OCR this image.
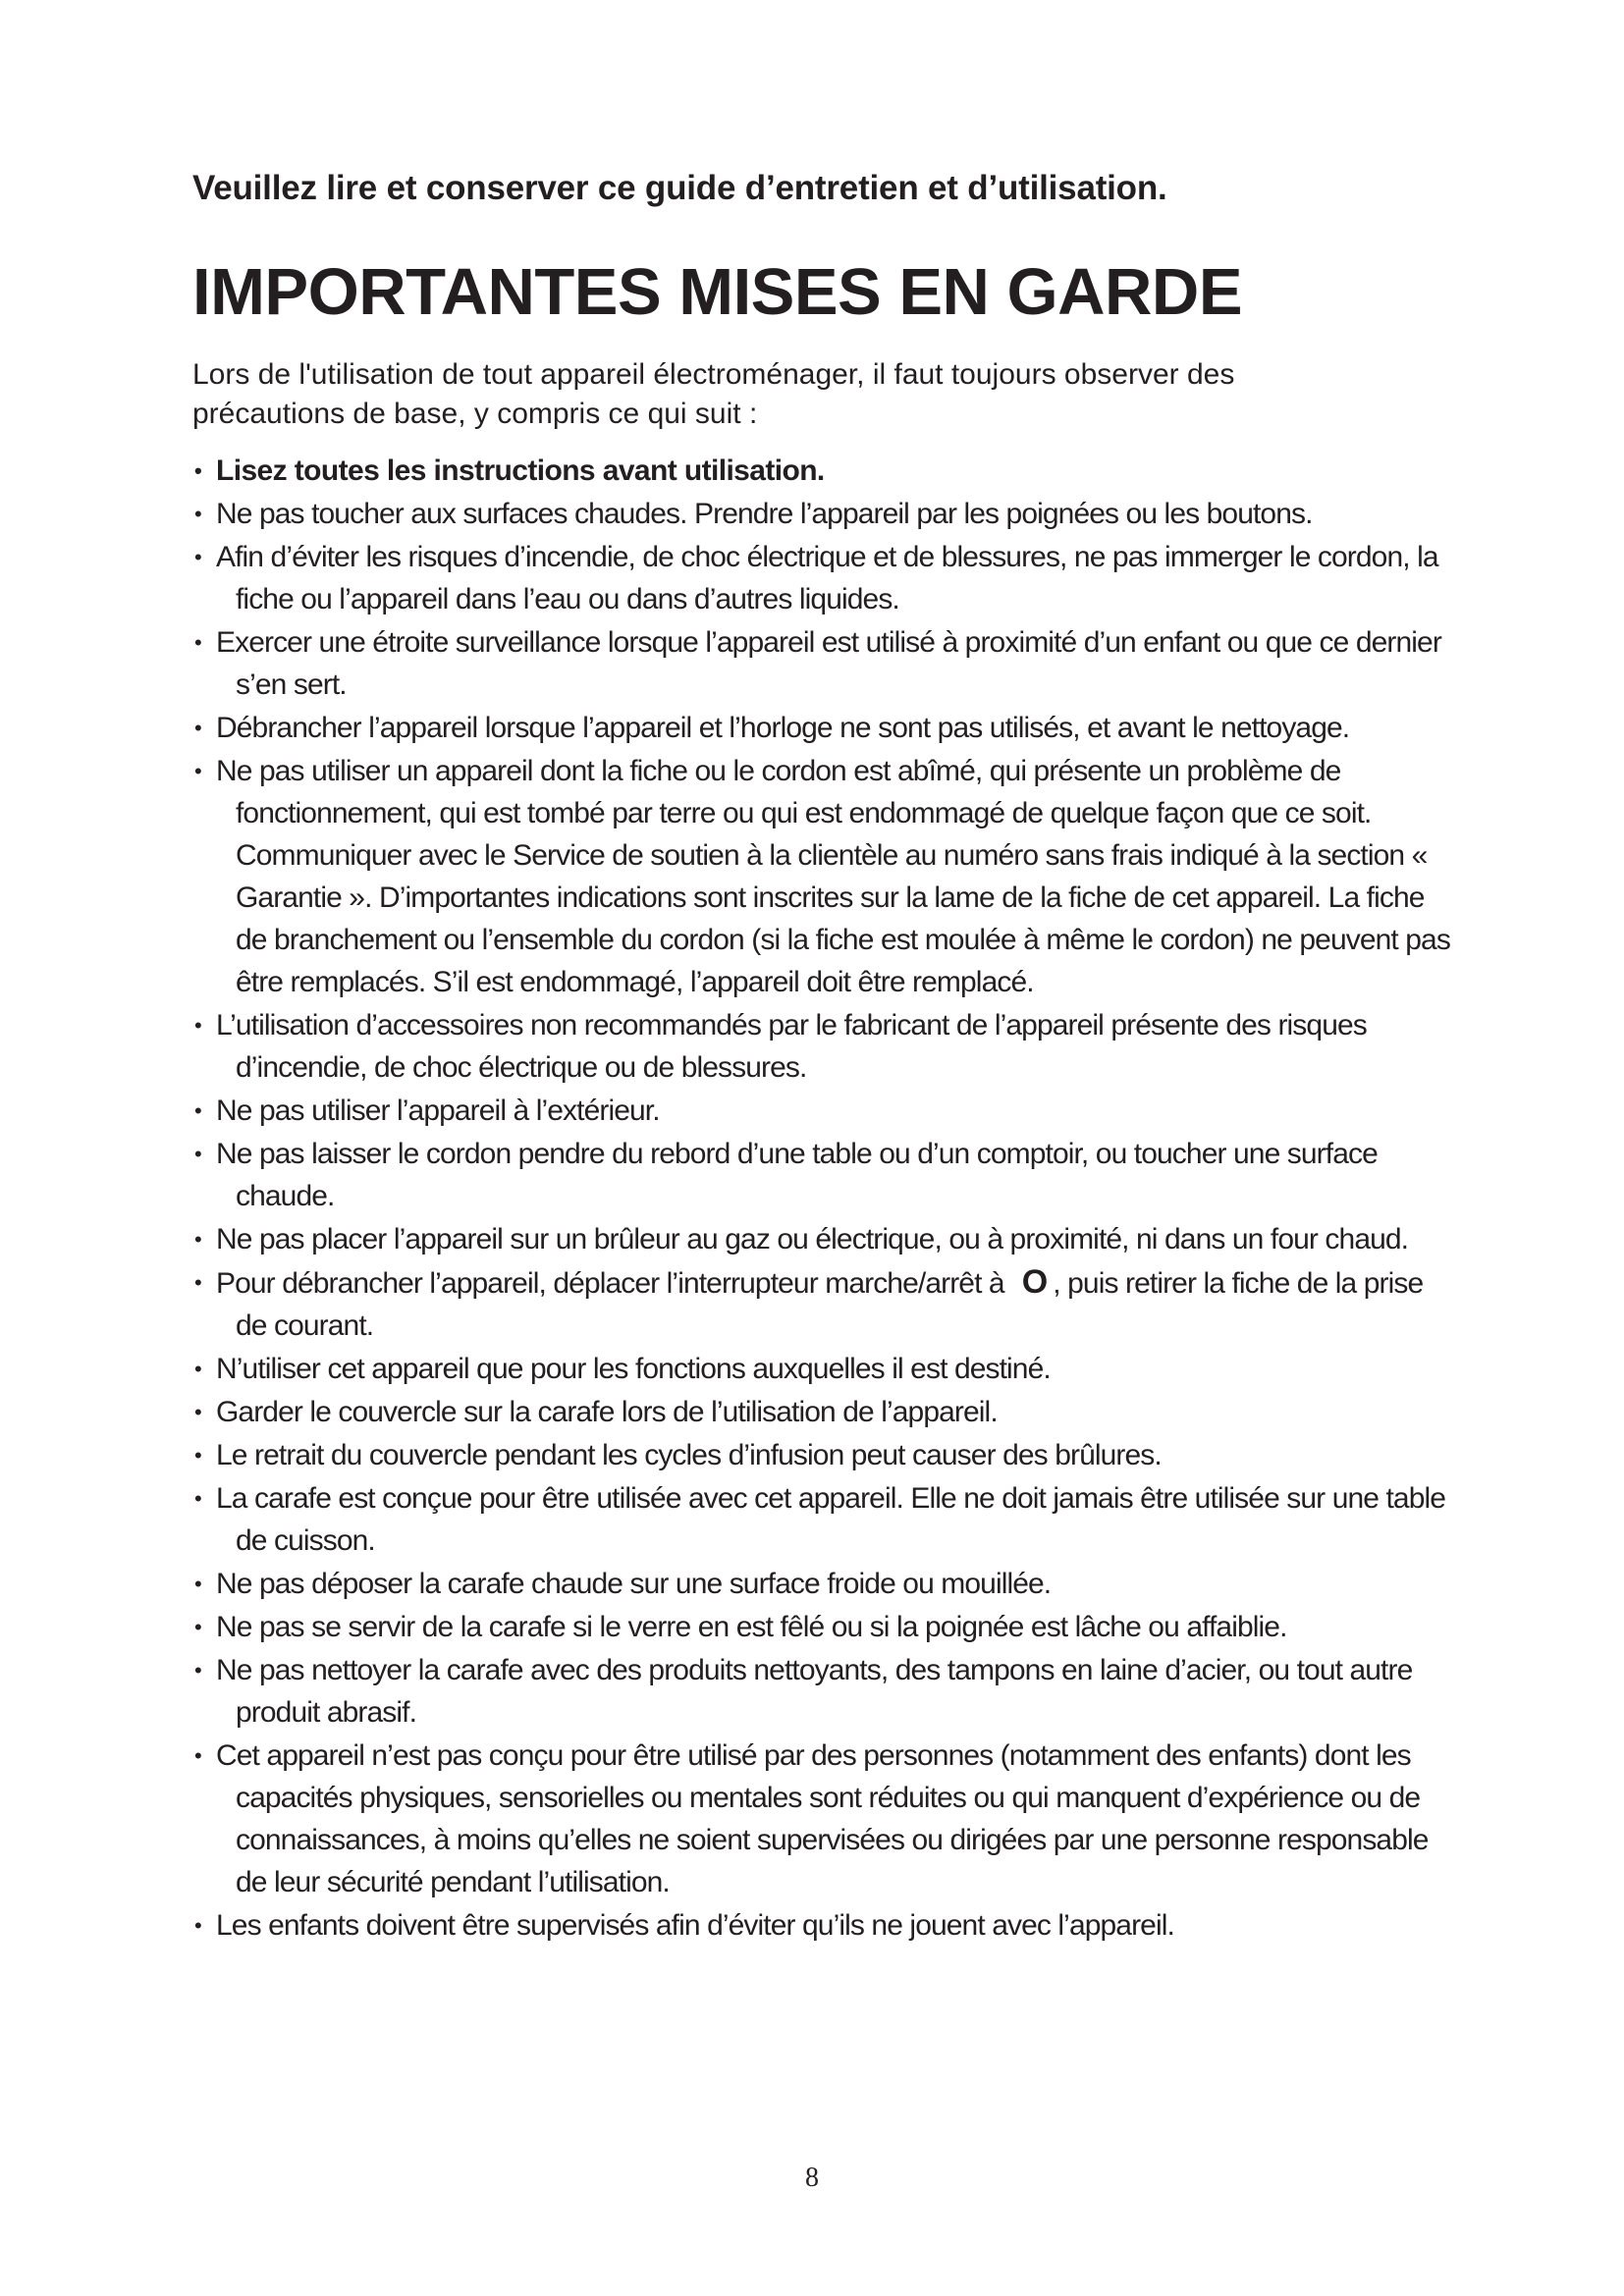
Veuillez lire et conserver ce guide d’entretien et d’utilisation.

IMPORTANTES MISES EN GARDE

Lors de l'utilisation de tout appareil électroménager, il faut toujours observer des précautions de base, y compris ce qui suit :

• Lisez toutes les instructions avant utilisation.
• Ne pas toucher aux surfaces chaudes. Prendre l’appareil par les poignées ou les boutons.
• Afin d’éviter les risques d’incendie, de choc électrique et de blessures, ne pas immerger le cordon, la fiche ou l’appareil dans l’eau ou dans d’autres liquides.
• Exercer une étroite surveillance lorsque l’appareil est utilisé à proximité d’un enfant ou que ce dernier s’en sert.
• Débrancher l’appareil lorsque l’appareil et l’horloge ne sont pas utilisés, et avant le nettoyage.
• Ne pas utiliser un appareil dont la fiche ou le cordon est abîmé, qui présente un problème de fonctionnement, qui est tombé par terre ou qui est endommagé de quelque façon que ce soit. Communiquer avec le Service de soutien à la clientèle au numéro sans frais indiqué à la section « Garantie ». D’importantes indications sont inscrites sur la lame de la fiche de cet appareil. La fiche de branchement ou l’ensemble du cordon (si la fiche est moulée à même le cordon) ne peuvent pas être remplacés. S’il est endommagé, l’appareil doit être remplacé.
• L’utilisation d’accessoires non recommandés par le fabricant de l’appareil présente des risques d’incendie, de choc électrique ou de blessures.
• Ne pas utiliser l’appareil à l’extérieur.
• Ne pas laisser le cordon pendre du rebord d’une table ou d’un comptoir, ou toucher une surface chaude.
• Ne pas placer l’appareil sur un brûleur au gaz ou électrique, ou à proximité, ni dans un four chaud.
• Pour débrancher l’appareil, déplacer l’interrupteur marche/arrêt à O , puis retirer la fiche de la prise de courant.
• N’utiliser cet appareil que pour les fonctions auxquelles il est destiné.
• Garder le couvercle sur la carafe lors de l’utilisation de l’appareil.
• Le retrait du couvercle pendant les cycles d’infusion peut causer des brûlures.
• La carafe est conçue pour être utilisée avec cet appareil. Elle ne doit jamais être utilisée sur une table de cuisson.
• Ne pas déposer la carafe chaude sur une surface froide ou mouillée.
• Ne pas se servir de la carafe si le verre en est fêlé ou si la poignée est lâche ou affaiblie.
• Ne pas nettoyer la carafe avec des produits nettoyants, des tampons en laine d’acier, ou tout autre produit abrasif.
• Cet appareil n’est pas conçu pour être utilisé par des personnes (notamment des enfants) dont les capacités physiques, sensorielles ou mentales sont réduites ou qui manquent d’expérience ou de connaissances, à moins qu’elles ne soient supervisées ou dirigées par une personne responsable de leur sécurité pendant l’utilisation.
• Les enfants doivent être supervisés afin d’éviter qu’ils ne jouent avec l’appareil.
8
